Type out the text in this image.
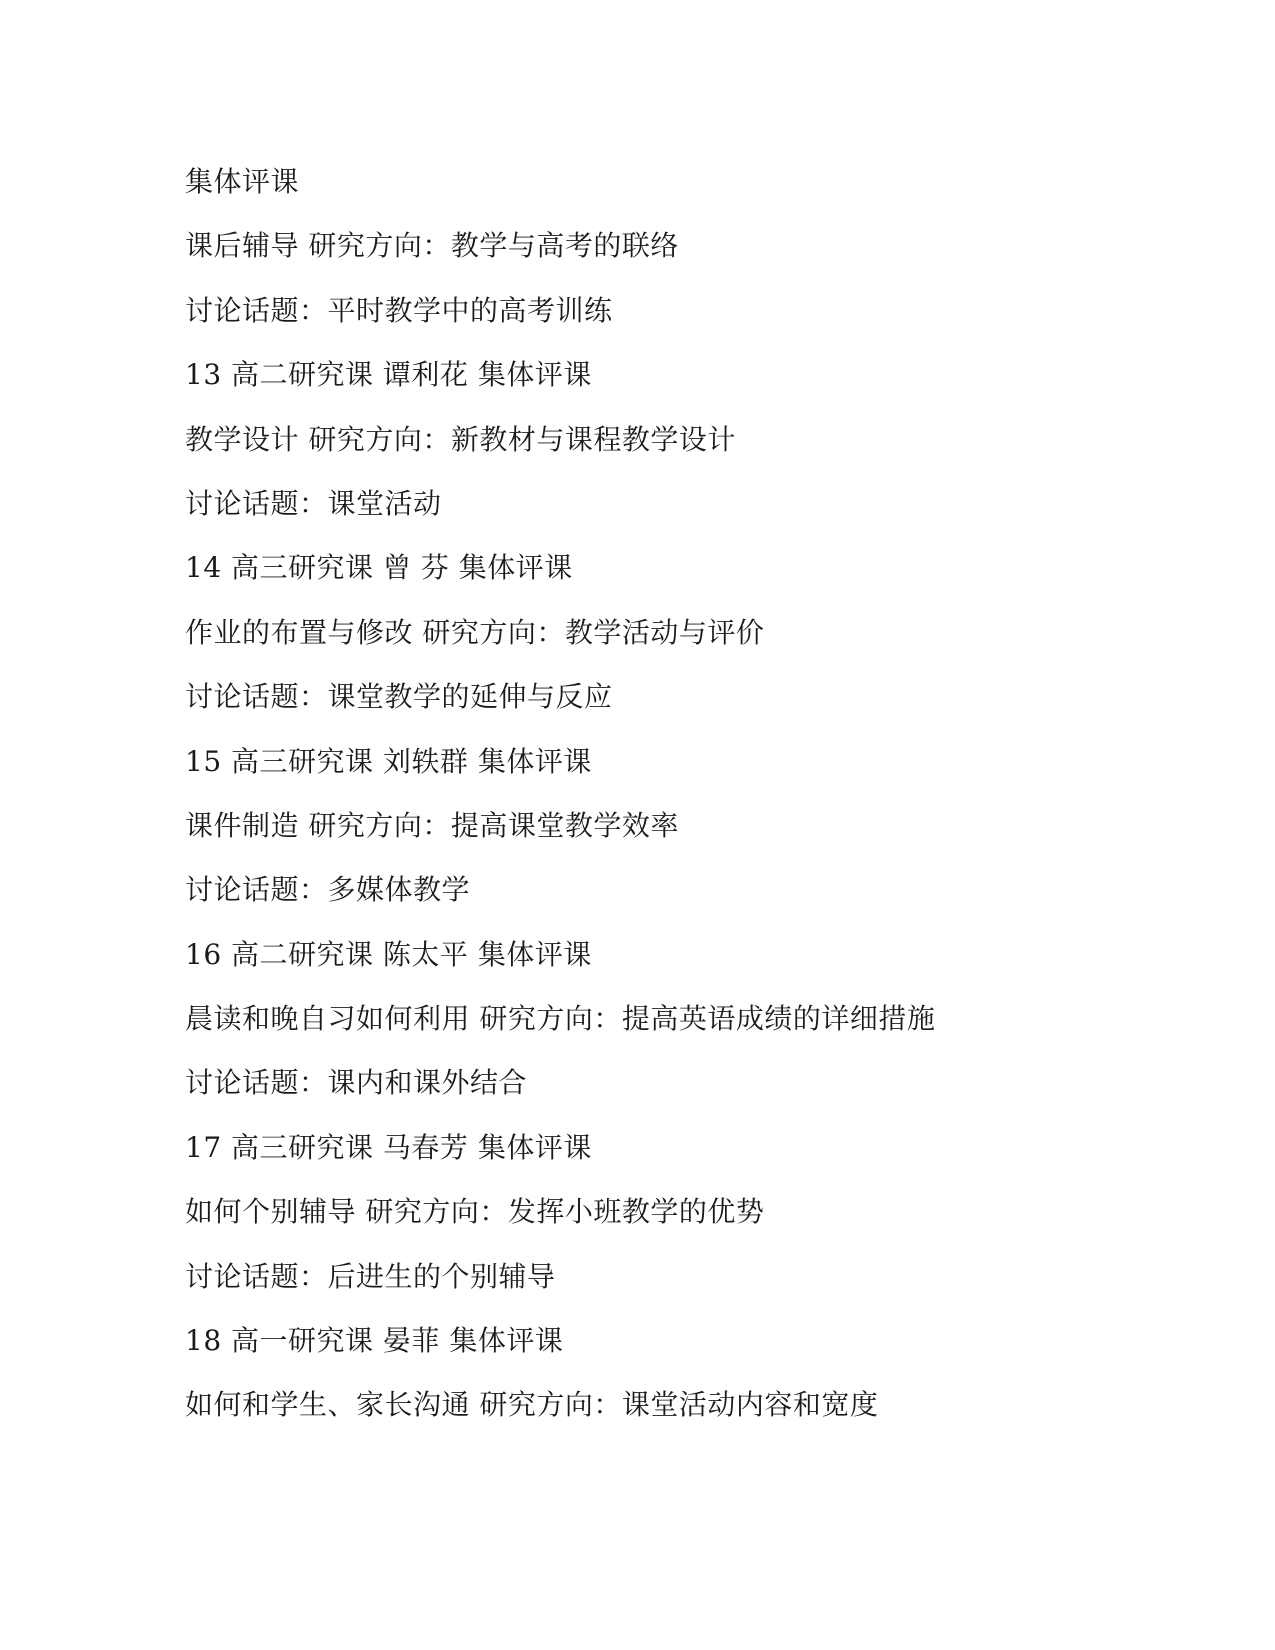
集体评课
课后辅导 研究方向：教学与高考的联络
讨论话题：平时教学中的高考训练
13 高二研究课 谭利花 集体评课
教学设计 研究方向：新教材与课程教学设计
讨论话题：课堂活动
14 高三研究课 曾 芬 集体评课
作业的布置与修改 研究方向：教学活动与评价
讨论话题：课堂教学的延伸与反应
15 高三研究课 刘轶群 集体评课
课件制造 研究方向：提高课堂教学效率
讨论话题：多媒体教学
16 高二研究课 陈太平 集体评课
晨读和晚自习如何利用 研究方向：提高英语成绩的详细措施
讨论话题：课内和课外结合
17 高三研究课 马春芳 集体评课
如何个别辅导 研究方向：发挥小班教学的优势
讨论话题：后进生的个别辅导
18 高一研究课 晏菲 集体评课
如何和学生、家长沟通 研究方向：课堂活动内容和宽度
